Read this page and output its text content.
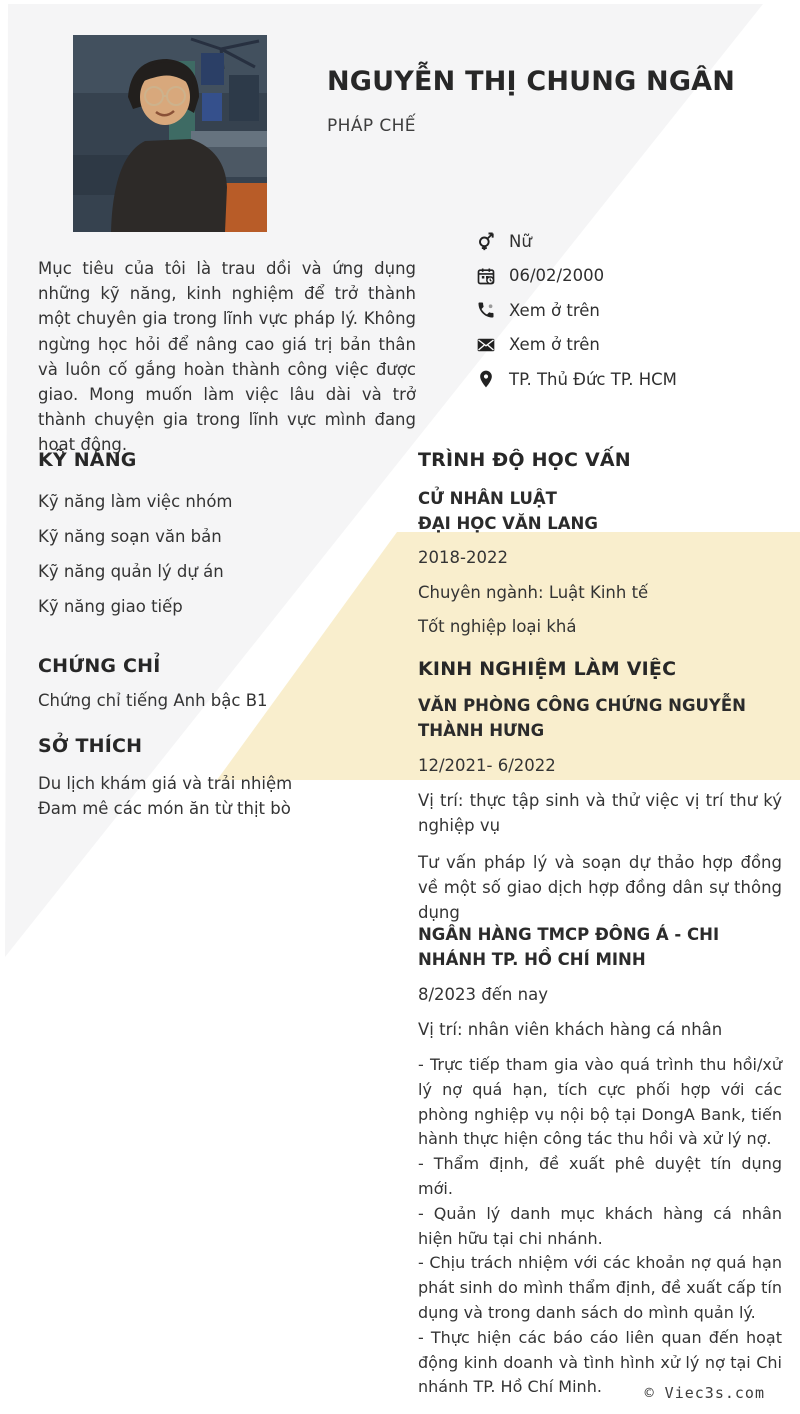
NGUYỄN THỊ CHUNG NGÂN
PHÁP CHẾ
Nữ
06/02/2000
Xem ở trên
Xem ở trên
TP. Thủ Đức TP. HCM
Mục tiêu của tôi là trau dồi và ứng dụng những kỹ năng, kinh nghiệm để trở thành một chuyên gia trong lĩnh vực pháp lý. Không ngừng học hỏi để nâng cao giá trị bản thân và luôn cố gắng hoàn thành công việc được giao. Mong muốn làm việc lâu dài và trở thành chuyện gia trong lĩnh vực mình đang hoạt động.
KỸ NĂNG
Kỹ năng làm việc nhóm
Kỹ năng soạn văn bản
Kỹ năng quản lý dự án
Kỹ năng giao tiếp
CHỨNG CHỈ
Chứng chỉ tiếng Anh bậc B1
SỞ THÍCH
Du lịch khám giá và trải nhiệm
Đam mê các món ăn từ thịt bò
TRÌNH ĐỘ HỌC VẤN
CỬ NHÂN LUẬT
ĐẠI HỌC VĂN LANG
2018-2022
Chuyên ngành: Luật Kinh tế
Tốt nghiệp loại khá
KINH NGHIỆM LÀM VIỆC
VĂN PHÒNG CÔNG CHỨNG NGUYỄN THÀNH HƯNG
12/2021- 6/2022
Vị trí: thực tập sinh và thử việc vị trí thư ký nghiệp vụ
Tư vấn pháp lý và soạn dự thảo hợp đồng về một số giao dịch hợp đồng dân sự thông dụng
NGÂN HÀNG TMCP ĐÔNG Á - CHI NHÁNH TP. HỒ CHÍ MINH
8/2023 đến nay
Vị trí: nhân viên khách hàng cá nhân

- Trực tiếp tham gia vào quá trình thu hồi/xử lý nợ quá hạn, tích cực phối hợp với các phòng nghiệp vụ nội bộ tại DongA Bank, tiến hành thực hiện công tác thu hồi và xử lý nợ.

- Thẩm định, đề xuất phê duyệt tín dụng mới.

- Quản lý danh mục khách hàng cá nhân hiện hữu tại chi nhánh.

- Chịu trách nhiệm với các khoản nợ quá hạn phát sinh do mình thẩm định, đề xuất cấp tín dụng và trong danh sách do mình quản lý.

- Thực hiện các báo cáo liên quan đến hoạt động kinh doanh và tình hình xử lý nợ tại Chi nhánh TP. Hồ Chí Minh.	© Viec3s.com
